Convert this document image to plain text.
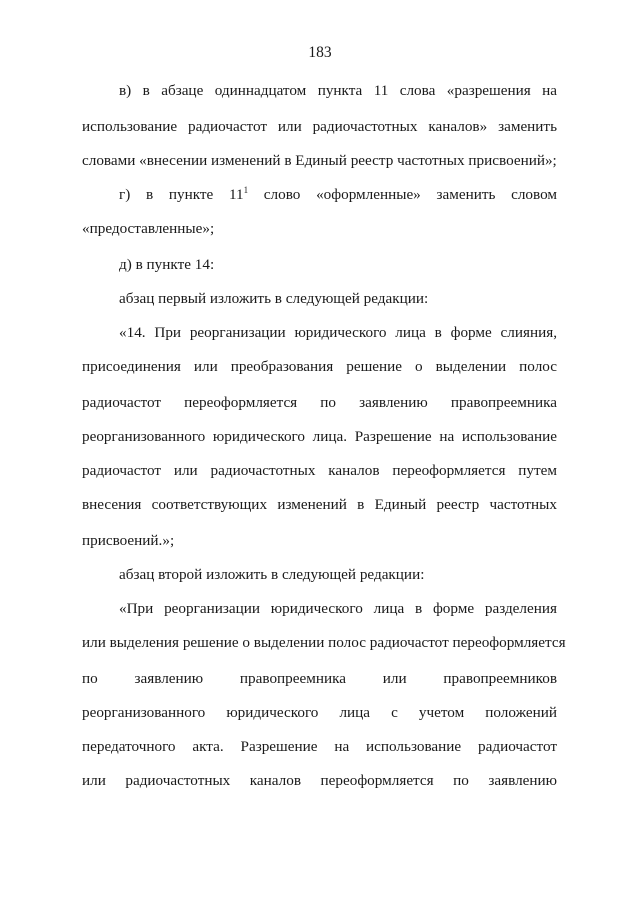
183
в) в абзаце одиннадцатом пункта 11 слова «разрешения на
использование радиочастот или радиочастотных каналов» заменить
словами «внесении изменений в Единый реестр частотных присвоений»;
г) в пункте $11^1$ слово «оформленные» заменить словом
«предоставленные»;
д) в пункте 14:
абзац первый изложить в следующей редакции:
«14. При реорганизации юридического лица в форме слияния,
присоединения или преобразования решение о выделении полос
радиочастот переоформляется по заявлению правопреемника
реорганизованного юридического лица. Разрешение на использование
радиочастот или радиочастотных каналов переоформляется путем
внесения соответствующих изменений в Единый реестр частотных
присвоений.»;
абзац второй изложить в следующей редакции:
«При реорганизации юридического лица в форме разделения
или выделения решение о выделении полос радиочастот переоформляется
по заявлению правопреемника или правопреемников
реорганизованного юридического лица с учетом положений
передаточного акта. Разрешение на использование радиочастот
или радиочастотных каналов переоформляется по заявлению
